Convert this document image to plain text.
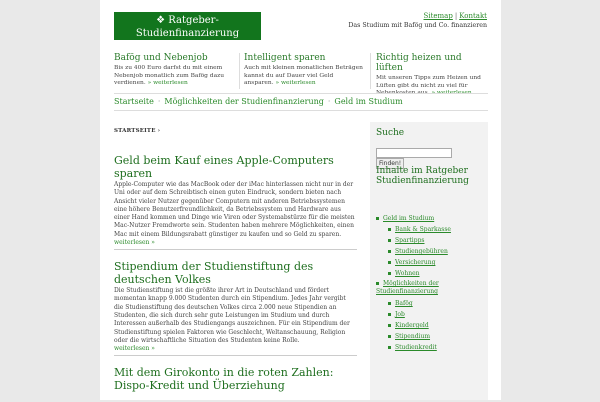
❖ Ratgeber-Studienfinanzierung
Sitemap | Kontakt
Das Studium mit Bafög und Co. finanzieren
Bafög und Nebenjob

Bis zu 400 Euro darfst du mit einem Nebenjob monatlich zum Bafög dazu verdienen. » weiterlesen

Intelligent sparen

Auch mit kleinen monatlichen Beträgen kannst du auf Dauer viel Geld ansparen. » weiterlesen

Richtig heizen und lüften

Mit unseren Tipps zum Heizen und Lüften gibt du nicht zu viel für Nebenkosten aus. » weiterlesen

Startseite · Möglichkeiten der Studienfinanzierung · Geld im Studium
STARTSEITE ›
Geld beim Kauf eines Apple-Computers sparen

Apple-Computer wie das MacBook oder der iMac hinterlassen nicht nur in der Uni oder auf dem Schreibtisch einen guten Eindruck, sondern bieten nach Ansicht vieler Nutzer gegenüber Computern mit anderen Betriebssystemen eine höhere Benutzerfreundlichkeit, da Betriebssystem und Hardware aus einer Hand kommen und Dinge wie Viren oder Systemabstürze für die meisten Mac-Nutzer Fremdworte sein. Studenten haben mehrere Möglichkeiten, einen Mac mit einem Bildungsrabatt günstiger zu kaufen und so Geld zu sparen.

weiterlesen »
Stipendium der Studienstiftung des deutschen Volkes

Die Studienstiftung ist die größte ihrer Art in Deutschland und fördert momentan knapp 9.000 Studenten durch ein Stipendium. Jedes Jahr vergibt die Studienstiftung des deutschen Volkes circa 2.000 neue Stipendien an Studenten, die sich durch sehr gute Leistungen im Studium und durch Interessen außerhalb des Studiengangs auszeichnen. Für ein Stipendium der Studienstiftung spielen Faktoren wie Geschlecht, Weltanschauung, Religion oder die wirtschaftliche Situation des Studenten keine Rolle.

weiterlesen »
Mit dem Girokonto in die roten Zahlen: Dispo-Kredit und Überziehung
Suche
Finden!
Inhalte im Ratgeber Studienfinanzierung
Geld im Studium
Bank & Sparkasse
Spartipps
Studiengebühren
Versicherung
Wohnen
Möglichkeiten der Studienfinanzierung
Bafög
Job
Kindergeld
Stipendium
Studienkredit
